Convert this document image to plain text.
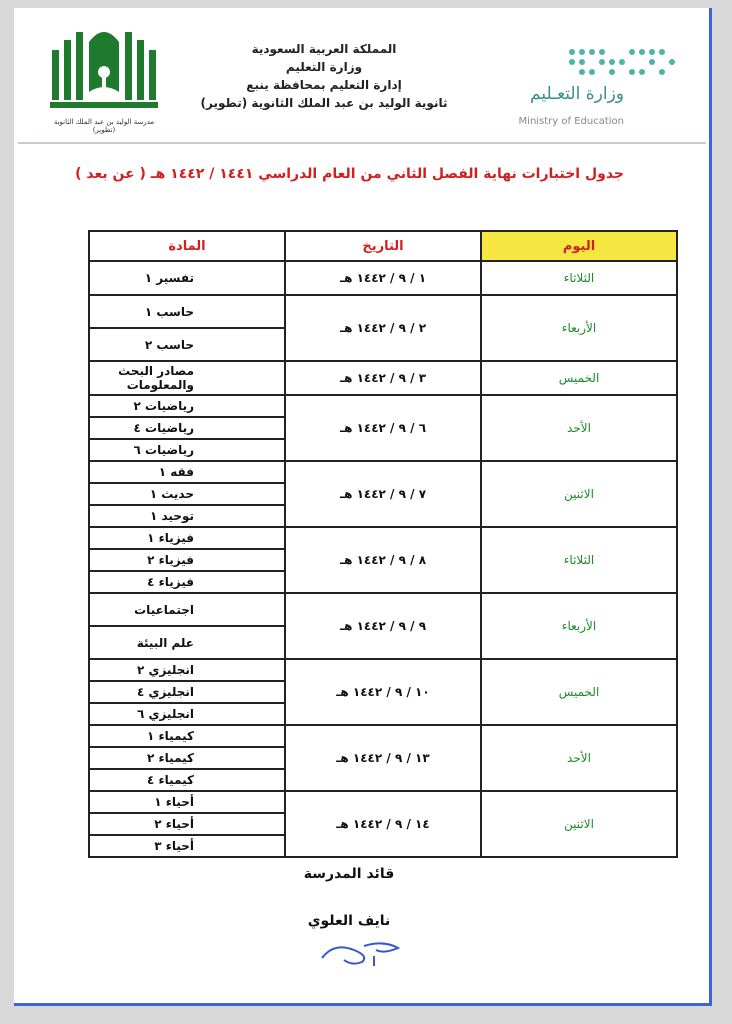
مدرسة الوليد بن عبد الملك الثانوية (تطوير)
المملكة العربية السعودية
وزارة التعليم
إدارة التعليم بمحافظة ينبع
ثانوية الوليد بن عبد الملك الثانوية (تطوير)	وزارة التعـليم
Ministry of Education
جدول اختبارات نهاية الفصل الثاني من العام الدراسي ١٤٤١ / ١٤٤٢ هـ ( عن بعد )
اليوم	التاريخ	المادة
الثلاثاء	١ / ٩ / ١٤٤٢ هـ	تفسير ١

الأربعاء	٢ / ٩ / ١٤٤٢ هـ	حاسب ١

		حاسب ٢

الخميس	٣ / ٩ / ١٤٤٢ هـ	مصادر البحث والمعلومات

الأحد	٦ / ٩ / ١٤٤٢ هـ	رياضيات ٢

		رياضيات ٤

		رياضيات ٦

الاثنين	٧ / ٩ / ١٤٤٢ هـ	فقه ١

		حديث ١

		توحيد ١

الثلاثاء	٨ / ٩ / ١٤٤٢ هـ	فيزياء ١

		فيزياء ٢

		فيزياء ٤

الأربعاء	٩ / ٩ / ١٤٤٢ هـ	اجتماعيات

		علم البيئة

الخميس	١٠ / ٩ / ١٤٤٢ هـ	انجليزي ٢

		انجليزي ٤

		انجليزي ٦

الأحد	١٣ / ٩ / ١٤٤٢ هـ	كيمياء ١

		كيمياء ٢

		كيمياء ٤

الاثنين	١٤ / ٩ / ١٤٤٢ هـ	أحياء ١

		أحياء ٢

		أحياء ٣
قائد المدرسة
نايف العلوي
